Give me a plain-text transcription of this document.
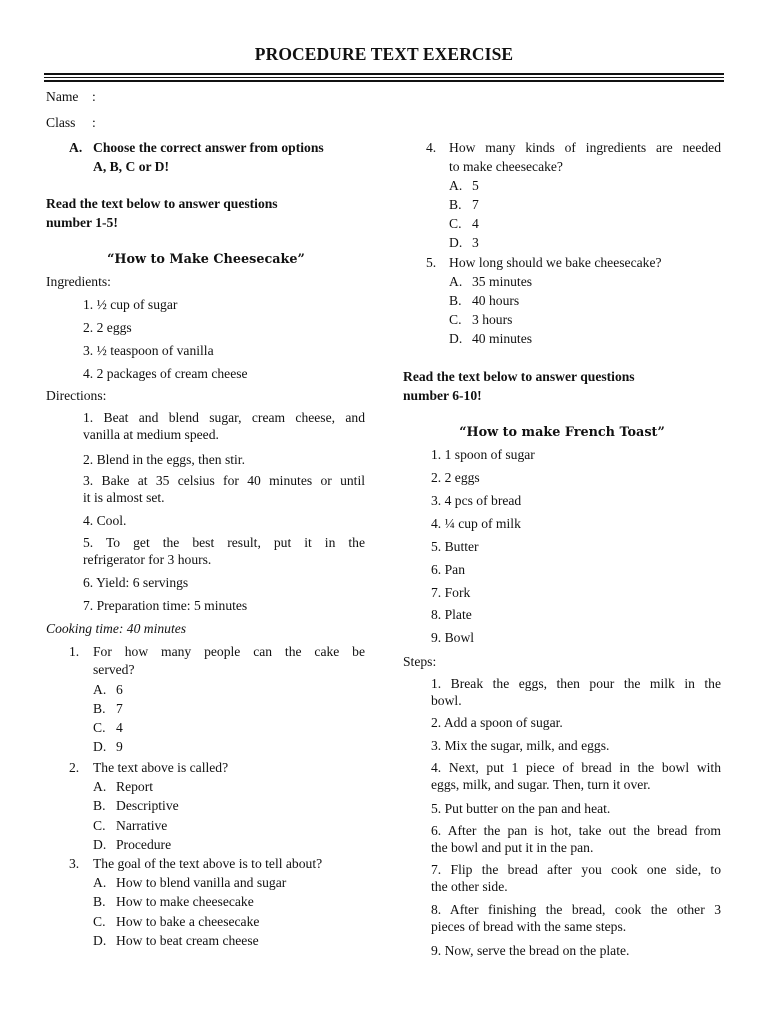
PROCEDURE TEXT EXERCISE
Name :
Class :
A. Choose the correct answer from options
A, B, C or D!
Read the text below to answer questions
number 1-5!
“How to Make Cheesecake”
Ingredients:
1. ½ cup of sugar
2. 2 eggs
3. ½ teaspoon of vanilla
4. 2 packages of cream cheese
Directions:
1. Beat and blend sugar, cream cheese, and
vanilla at medium speed.
2. Blend in the eggs, then stir.
3. Bake at 35 celsius for 40 minutes or until
it is almost set.
4. Cool.
5. To get the best result, put it in the
refrigerator for 3 hours.
6. Yield: 6 servings
7. Preparation time: 5 minutes
Cooking time: 40 minutes
1. For how many people can the cake be
served?
A. 6
B. 7
C. 4
D. 9
2. The text above is called?
A. Report
B. Descriptive
C. Narrative
D. Procedure
3. The goal of the text above is to tell about?
A. How to blend vanilla and sugar
B. How to make cheesecake
C. How to bake a cheesecake
D. How to beat cream cheese
4. How many kinds of ingredients are needed
to make cheesecake?
A. 5
B. 7
C. 4
D. 3
5. How long should we bake cheesecake?
A. 35 minutes
B. 40 hours
C. 3 hours
D. 40 minutes
Read the text below to answer questions
number 6-10!
“How to make French Toast”
1. 1 spoon of sugar
2. 2 eggs
3. 4 pcs of bread
4. ¼ cup of milk
5. Butter
6. Pan
7. Fork
8. Plate
9. Bowl
Steps:
1. Break the eggs, then pour the milk in the
bowl.
2. Add a spoon of sugar.
3. Mix the sugar, milk, and eggs.
4. Next, put 1 piece of bread in the bowl with
eggs, milk, and sugar. Then, turn it over.
5. Put butter on the pan and heat.
6. After the pan is hot, take out the bread from
the bowl and put it in the pan.
7. Flip the bread after you cook one side, to
the other side.
8. After finishing the bread, cook the other 3
pieces of bread with the same steps.
9. Now, serve the bread on the plate.
